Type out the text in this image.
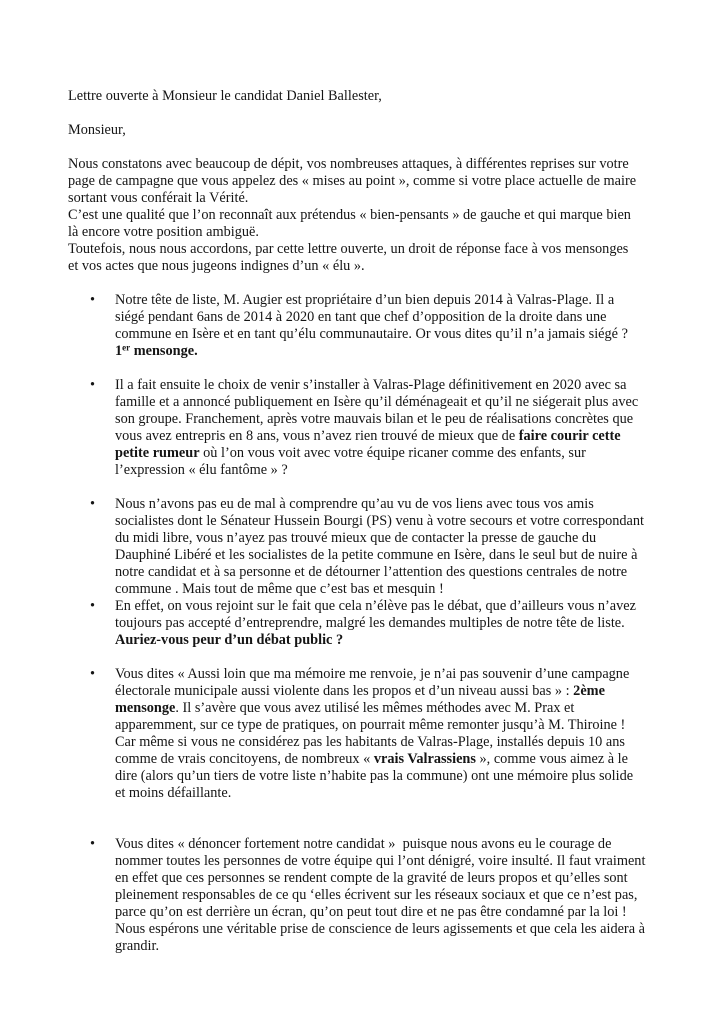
Lettre ouverte à Monsieur le candidat Daniel Ballester,
Monsieur,
Nous constatons avec beaucoup de dépit, vos nombreuses attaques, à différentes reprises sur votre
page de campagne que vous appelez des « mises au point », comme si votre place actuelle de maire
sortant vous conférait la Vérité.
C’est une qualité que l’on reconnaît aux prétendus « bien-pensants » de gauche et qui marque bien
là encore votre position ambiguë.
Toutefois, nous nous accordons, par cette lettre ouverte, un droit de réponse face à vos mensonges
et vos actes que nous jugeons indignes d’un « élu ».
• Notre tête de liste, M. Augier est propriétaire d’un bien depuis 2014 à Valras-Plage. Il a
siégé pendant 6ans de 2014 à 2020 en tant que chef d’opposition de la droite dans une
commune en Isère et en tant qu’élu communautaire. Or vous dites qu’il n’a jamais siégé ?
1er mensonge.
• Il a fait ensuite le choix de venir s’installer à Valras-Plage définitivement en 2020 avec sa
famille et a annoncé publiquement en Isère qu’il déménageait et qu’il ne siégerait plus avec
son groupe. Franchement, après votre mauvais bilan et le peu de réalisations concrètes que
vous avez entrepris en 8 ans, vous n’avez rien trouvé de mieux que de faire courir cette
petite rumeur où l’on vous voit avec votre équipe ricaner comme des enfants, sur
l’expression « élu fantôme » ?
• Nous n’avons pas eu de mal à comprendre qu’au vu de vos liens avec tous vos amis
socialistes dont le Sénateur Hussein Bourgi (PS) venu à votre secours et votre correspondant
du midi libre, vous n’ayez pas trouvé mieux que de contacter la presse de gauche du
Dauphiné Libéré et les socialistes de la petite commune en Isère, dans le seul but de nuire à
notre candidat et à sa personne et de détourner l’attention des questions centrales de notre
commune . Mais tout de même que c’est bas et mesquin !
• En effet, on vous rejoint sur le fait que cela n’élève pas le débat, que d’ailleurs vous n’avez
toujours pas accepté d’entreprendre, malgré les demandes multiples de notre tête de liste.
Auriez-vous peur d’un débat public ?
• Vous dites « Aussi loin que ma mémoire me renvoie, je n’ai pas souvenir d’une campagne
électorale municipale aussi violente dans les propos et d’un niveau aussi bas » : 2ème
mensonge. Il s’avère que vous avez utilisé les mêmes méthodes avec M. Prax et
apparemment, sur ce type de pratiques, on pourrait même remonter jusqu’à M. Thiroine !
Car même si vous ne considérez pas les habitants de Valras-Plage, installés depuis 10 ans
comme de vrais concitoyens, de nombreux « vrais Valrassiens », comme vous aimez à le
dire (alors qu’un tiers de votre liste n’habite pas la commune) ont une mémoire plus solide
et moins défaillante.
• Vous dites « dénoncer fortement notre candidat »  puisque nous avons eu le courage de
nommer toutes les personnes de votre équipe qui l’ont dénigré, voire insulté. Il faut vraiment
en effet que ces personnes se rendent compte de la gravité de leurs propos et qu’elles sont
pleinement responsables de ce qu ‘elles écrivent sur les réseaux sociaux et que ce n’est pas,
parce qu’on est derrière un écran, qu’on peut tout dire et ne pas être condamné par la loi !
Nous espérons une véritable prise de conscience de leurs agissements et que cela les aidera à
grandir.
